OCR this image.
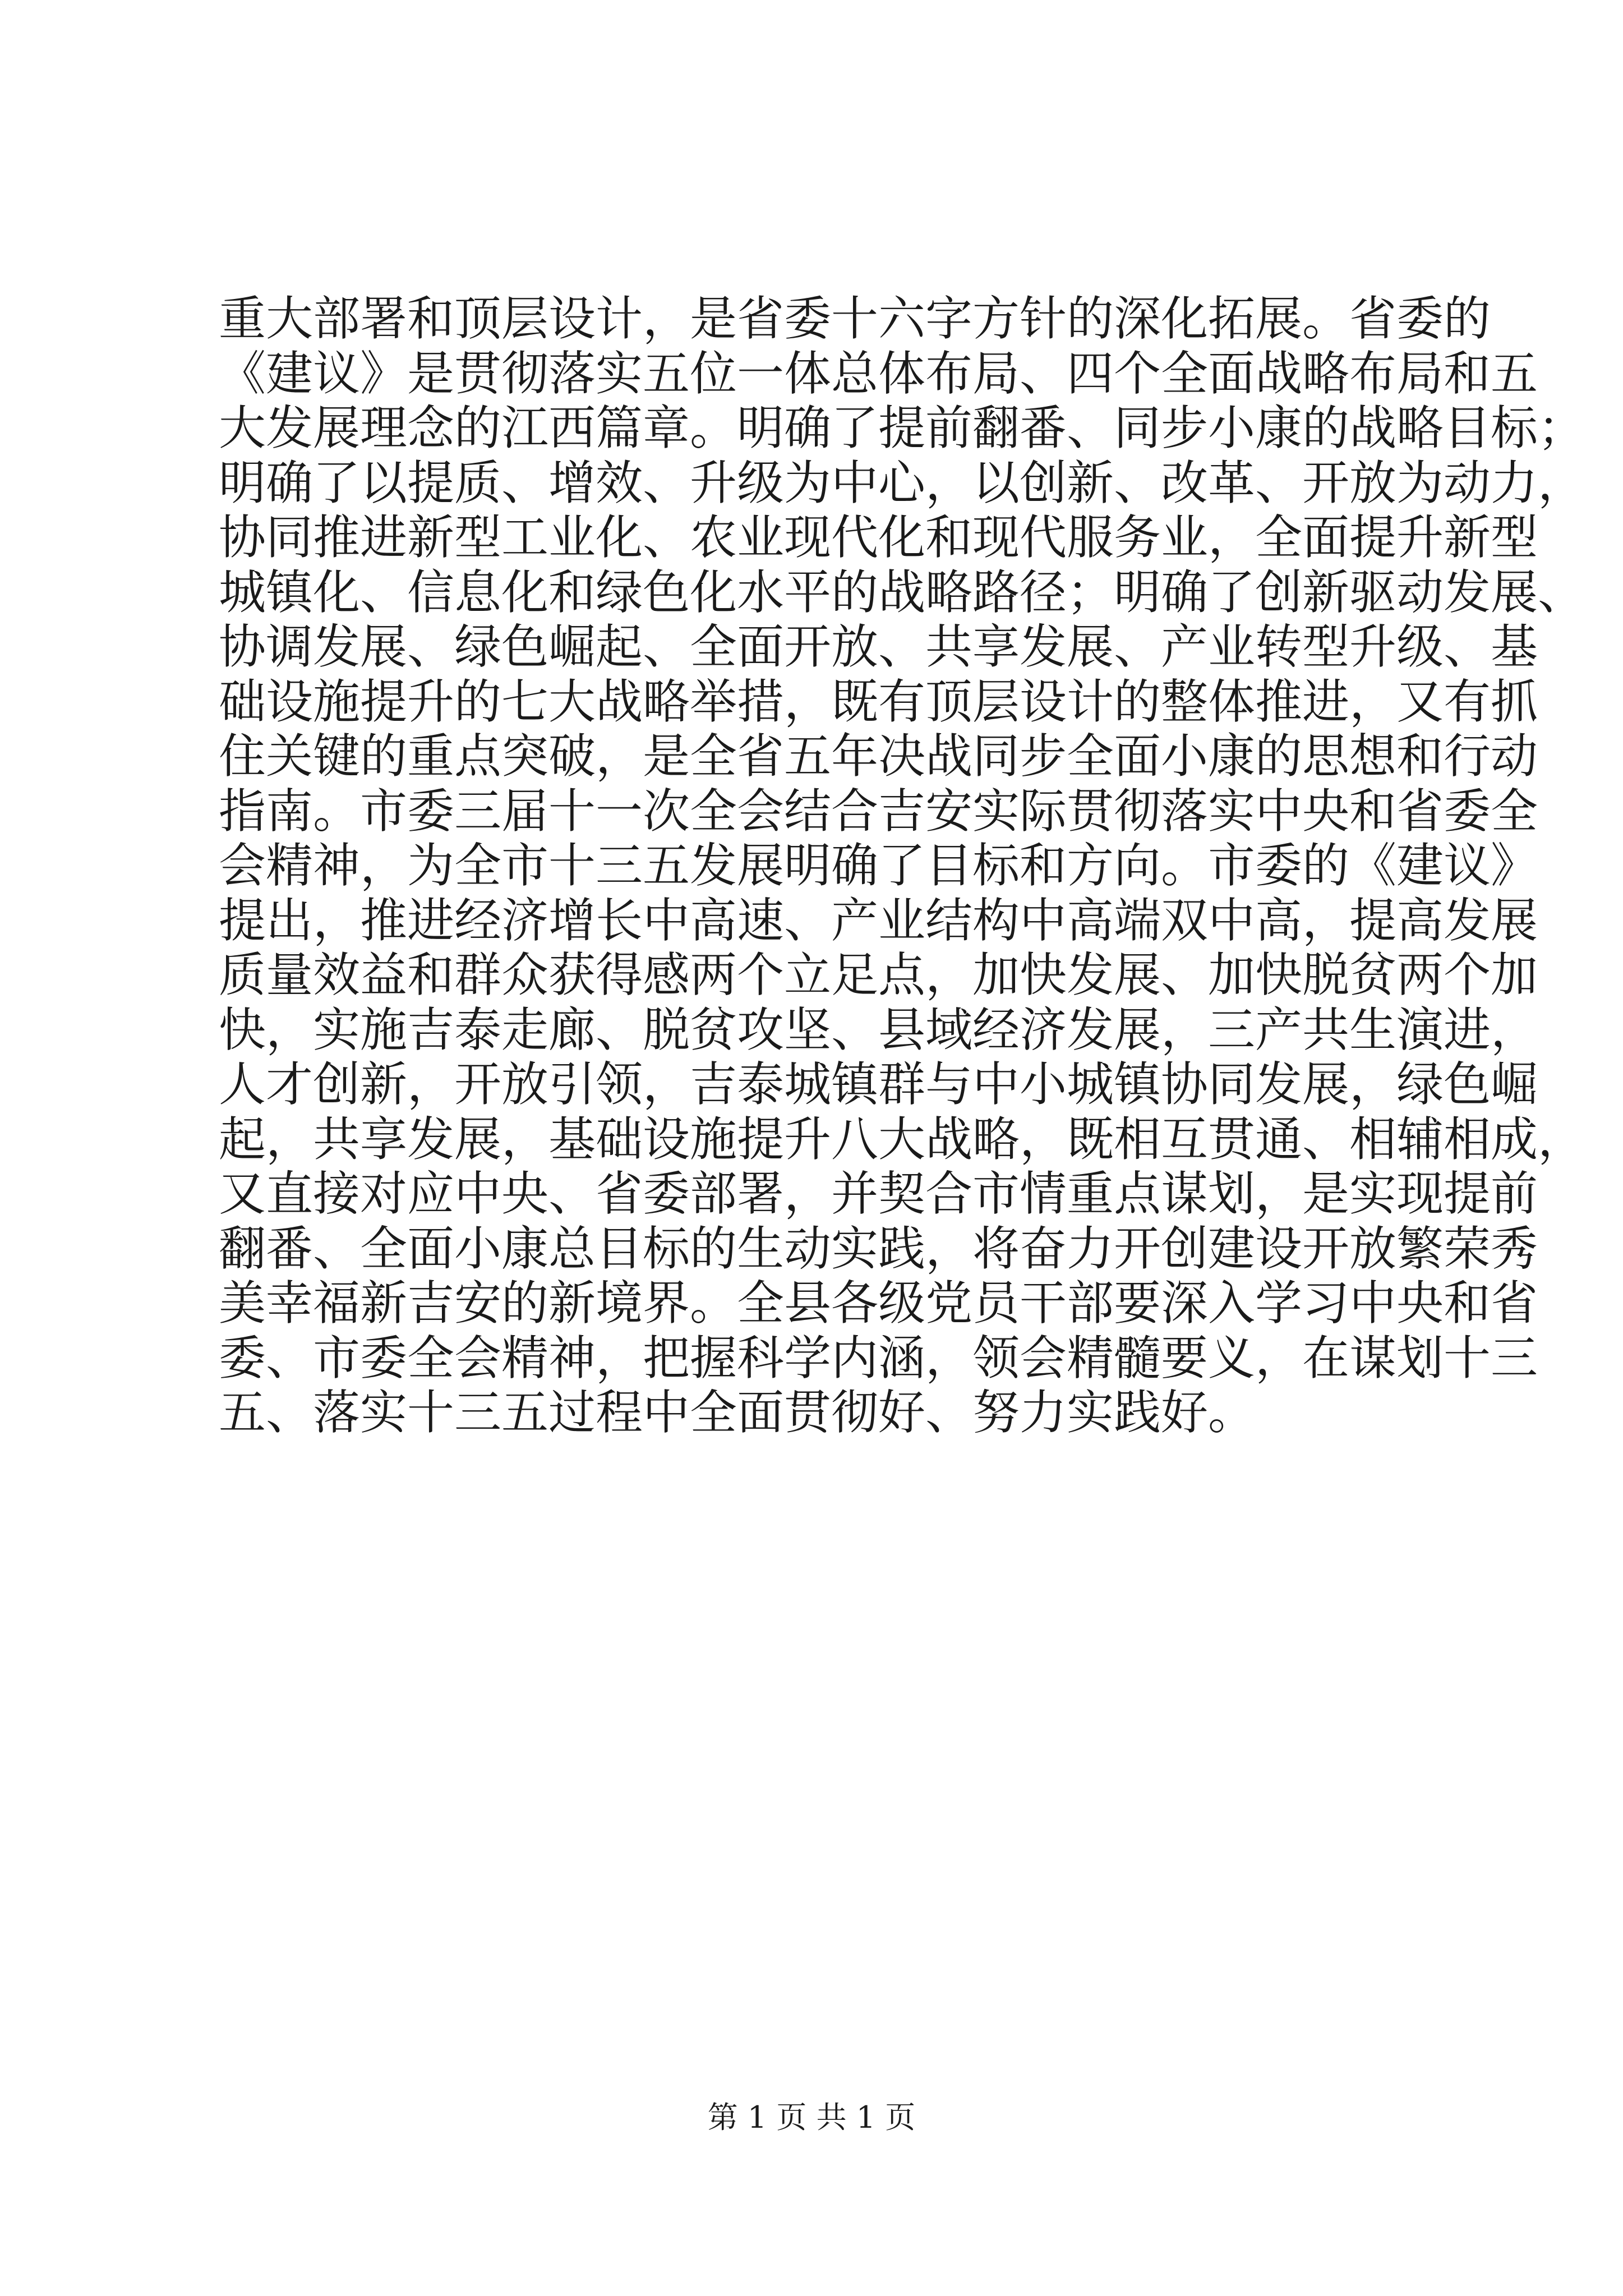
重大部署和顶层设计，是省委十六字方针的深化拓展。省委的
《建议》是贯彻落实五位一体总体布局、四个全面战略布局和五
大发展理念的江西篇章。明确了提前翻番、同步小康的战略目标；
明确了以提质、增效、升级为中心，以创新、改革、开放为动力，
协同推进新型工业化、农业现代化和现代服务业，全面提升新型
城镇化、信息化和绿色化水平的战略路径；明确了创新驱动发展、
协调发展、绿色崛起、全面开放、共享发展、产业转型升级、基
础设施提升的七大战略举措，既有顶层设计的整体推进，又有抓
住关键的重点突破，是全省五年决战同步全面小康的思想和行动
指南。市委三届十一次全会结合吉安实际贯彻落实中央和省委全
会精神，为全市十三五发展明确了目标和方向。市委的《建议》
提出，推进经济增长中高速、产业结构中高端双中高，提高发展
质量效益和群众获得感两个立足点，加快发展、加快脱贫两个加
快，实施吉泰走廊、脱贫攻坚、县域经济发展，三产共生演进，
人才创新，开放引领，吉泰城镇群与中小城镇协同发展，绿色崛
起，共享发展，基础设施提升八大战略，既相互贯通、相辅相成，
又直接对应中央、省委部署，并契合市情重点谋划，是实现提前
翻番、全面小康总目标的生动实践，将奋力开创建设开放繁荣秀
美幸福新吉安的新境界。全县各级党员干部要深入学习中央和省
委、市委全会精神，把握科学内涵，领会精髓要义，在谋划十三
五、落实十三五过程中全面贯彻好、努力实践好。
第 1 页 共 1 页
